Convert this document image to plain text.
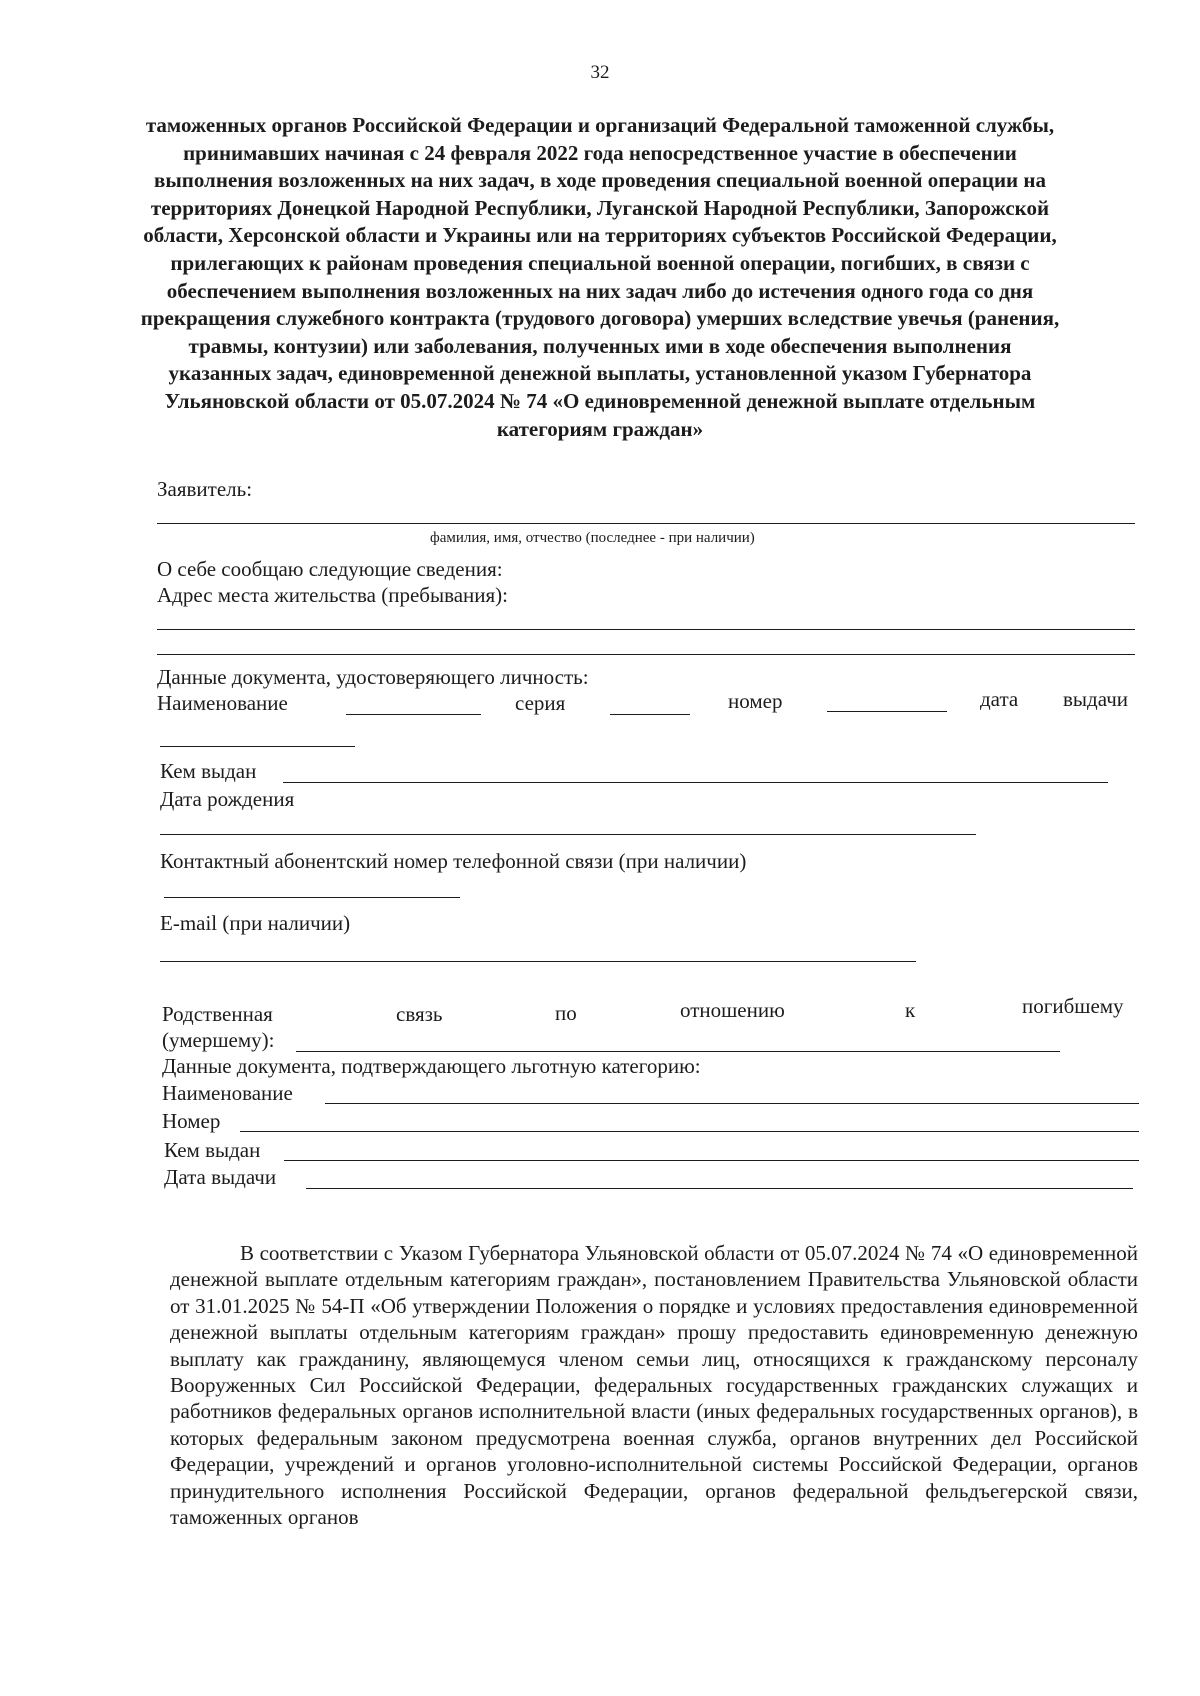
32

таможенных органов Российской Федерации и организаций Федеральной таможенной службы, принимавших начиная с 24 февраля 2022 года непосредственное участие в обеспечении выполнения возложенных на них задач, в ходе проведения специальной военной операции на территориях Донецкой Народной Республики, Луганской Народной Республики, Запорожской области, Херсонской области и Украины или на территориях субъектов Российской Федерации, прилегающих к районам проведения специальной военной операции, погибших, в связи с обеспечением выполнения возложенных на них задач либо до истечения одного года со дня прекращения служебного контракта (трудового договора) умерших вследствие увечья (ранения, травмы, контузии) или заболевания, полученных ими в ходе обеспечения выполнения указанных задач, единовременной денежной выплаты, установленной указом Губернатора Ульяновской области от 05.07.2024 № 74 «О единовременной денежной выплате отдельным категориям граждан»

Заявитель:
фамилия, имя, отчество (последнее - при наличии)
О себе сообщаю следующие сведения:
Адрес места жительства (пребывания):
Данные документа, удостоверяющего личность:
Наименование	серия	номер	дата выдачи
Кем выдан
Дата рождения
Контактный абонентский номер телефонной связи (при наличии)
E-mail (при наличии)
Родственная	связь	по	отношению	к	погибшему
(умершему):
Данные документа, подтверждающего льготную категорию:
Наименование
Номер
Кем выдан
Дата выдачи

В соответствии с Указом Губернатора Ульяновской области от 05.07.2024 № 74 «О единовременной денежной выплате отдельным категориям граждан», постановлением Правительства Ульяновской области от 31.01.2025 № 54-П «Об утверждении Положения о порядке и условиях предоставления единовременной денежной выплаты отдельным категориям граждан» прошу предоставить единовременную денежную выплату как гражданину, являющемуся членом семьи лиц, относящихся к гражданскому персоналу Вооруженных Сил Российской Федерации, федеральных государственных гражданских служащих и работников федеральных органов исполнительной власти (иных федеральных государственных органов), в которых федеральным законом предусмотрена военная служба, органов внутренних дел Российской Федерации, учреждений и органов уголовно-исполнительной системы Российской Федерации, органов принудительного исполнения Российской Федерации, органов федеральной фельдъегерской связи, таможенных органов
